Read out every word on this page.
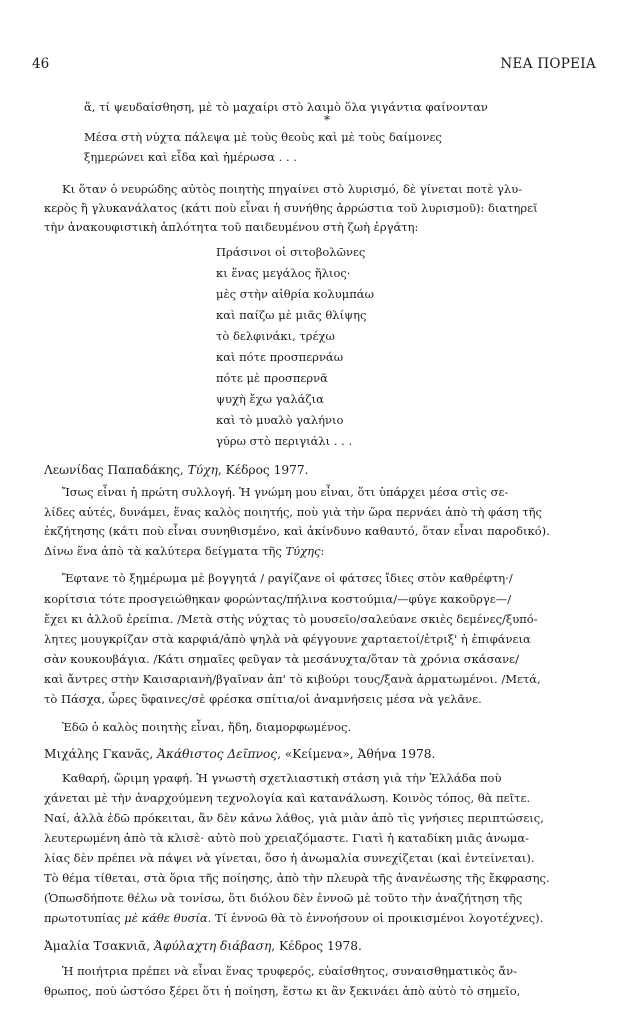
46	ΝΕΑ ΠΟΡΕΙΑ
ἅ, τί ψευδαίσθηση, μὲ τὸ μαχαίρι στὸ λαιμὸ ὅλα γιγάντια φαίνονταν
*
Μέσα στὴ νύχτα πάλεψα μὲ τοὺς θεοὺς καὶ μὲ τοὺς δαίμονες
ξημερώνει καὶ εἶδα καὶ ἡμέρωσα . . .
Κι ὅταν ὁ νευρώδης αὐτὸς ποιητὴς πηγαίνει στὸ λυρισμό, δὲ γίνεται ποτὲ γλυ-
κερὸς ἢ γλυκανάλατος (κάτι ποὺ εἶναι ἡ συνήθης ἀρρώστια τοῦ λυρισμοῦ): διατηρεῖ
τὴν ἀνακουφιστικὴ ἁπλότητα τοῦ παιδευμένου στὴ ζωὴ ἐργάτη:
Πράσινοι οἱ σιτοβολῶνες
κι ἕνας μεγάλος ἥλιος·
μὲς στὴν αἰθρία κολυμπάω
καὶ παίζω μὲ μιᾶς θλίψης
τὸ δελφινάκι, τρέχω
καὶ πότε προσπερνάω
πότε μὲ προσπερνᾶ
ψυχὴ ἔχω γαλάζια
καὶ τὸ μυαλὸ γαλήνιο
γύρω στὸ περιγιάλι . . .
Λεωνίδας Παπαδάκης, Τύχη, Κέδρος 1977.
Ἴσως εἶναι ἡ πρώτη συλλογή. Ἡ γνώμη μου εἶναι, ὅτι ὑπάρχει μέσα στὶς σε-
λίδες αὐτές, δυνάμει, ἕνας καλὸς ποιητής, ποὺ γιὰ τὴν ὥρα περνάει ἀπὸ τὴ φάση τῆς
ἐκζήτησης (κάτι ποὺ εἶναι συνηθισμένο, καὶ ἀκίνδυνο καθαυτό, ὅταν εἶναι παροδικό).
Δίνω ἕνα ἀπὸ τὰ καλύτερα δείγματα τῆς Τύχης:
Ἔφτανε τὸ ξημέρωμα μὲ βογγητά / ραγίζανε οἱ φάτσες ἴδιες στὸν καθρέφτη·/
κορίτσια τότε προσγειώθηκαν φορώντας/πήλινα κοστούμια/—φύγε κακοῦργε—/
ἔχει κι ἀλλοῦ ἐρείπια. /Μετὰ στὴς νύχτας τὸ μουσεῖο/σαλεύανε σκιὲς δεμένες/ξυπό-
λητες μουγκρίζαν στὰ καρφιά/ἀπὸ ψηλὰ νὰ φέγγουνε χαρταετοί/ἐτριξ' ἡ ἐπιφάνεια
σὰν κουκουβάγια. /Κάτι σημαῖες φεῦγαν τὰ μεσάνυχτα/ὅταν τὰ χρόνια σκάσανε/
καὶ ἄντρες στὴν Καισαριανὴ/βγαῖναν ἀπ' τὸ κιβούρι τους/ξανὰ ἁρματωμένοι. /Μετά,
τὸ Πάσχα, ὧρες ὕφαινες/σὲ φρέσκα σπίτια/οἱ ἀναμνήσεις μέσα νὰ γελᾶνε.
Ἐδῶ ὁ καλὸς ποιητὴς εἶναι, ἤδη, διαμορφωμένος.
Μιχάλης Γκανᾶς, Ἀκάθιστος Δεῖπνος, «Κείμενα», Ἀθήνα 1978.
Καθαρή, ὥριμη γραφή. Ἡ γνωστὴ σχετλιαστικὴ στάση γιὰ τὴν Ἑλλάδα ποὺ
χάνεται μὲ τὴν ἀναρχούμενη τεχνολογία καὶ κατανάλωση. Κοινὸς τόπος, θὰ πεῖτε.
Ναί, ἀλλὰ ἐδῶ πρόκειται, ἂν δὲν κάνω λάθος, γιὰ μιὰν ἀπὸ τὶς γνήσιες περιπτώσεις,
λευτερωμένη ἀπὸ τὰ κλισὲ· αὐτὸ ποὺ χρειαζόμαστε. Γιατὶ ἡ καταδίκη μιᾶς ἀνωμα-
λίας δὲν πρέπει νὰ πάψει νὰ γίνεται, ὅσο ἡ ἀνωμαλία συνεχίζεται (καὶ ἐντείνεται).
Τὸ θέμα τίθεται, στὰ ὅρια τῆς ποίησης, ἀπὸ τὴν πλευρὰ τῆς ἀνανέωσης τῆς ἔκφρασης.
(Ὁπωσδήποτε θέλω νὰ τονίσω, ὅτι διόλου δὲν ἐννοῶ μὲ τοῦτο τὴν ἀναζήτηση τῆς
πρωτοτυπίας μὲ κάθε θυσία. Τί ἐννοῶ θὰ τὸ ἐννοήσουν οἱ προικισμένοι λογοτέχνες).
Ἀμαλία Τσακνιᾶ, Ἀφύλαχτη διάβαση, Κέδρος 1978.
Ἡ ποιήτρια πρέπει νὰ εἶναι ἕνας τρυφερός, εὐαίσθητος, συναισθηματικὸς ἄν-
θρωπος, ποὺ ὡστόσο ξέρει ὅτι ἡ ποίηση, ἔστω κι ἂν ξεκινάει ἀπὸ αὐτὸ τὸ σημεῖο,
